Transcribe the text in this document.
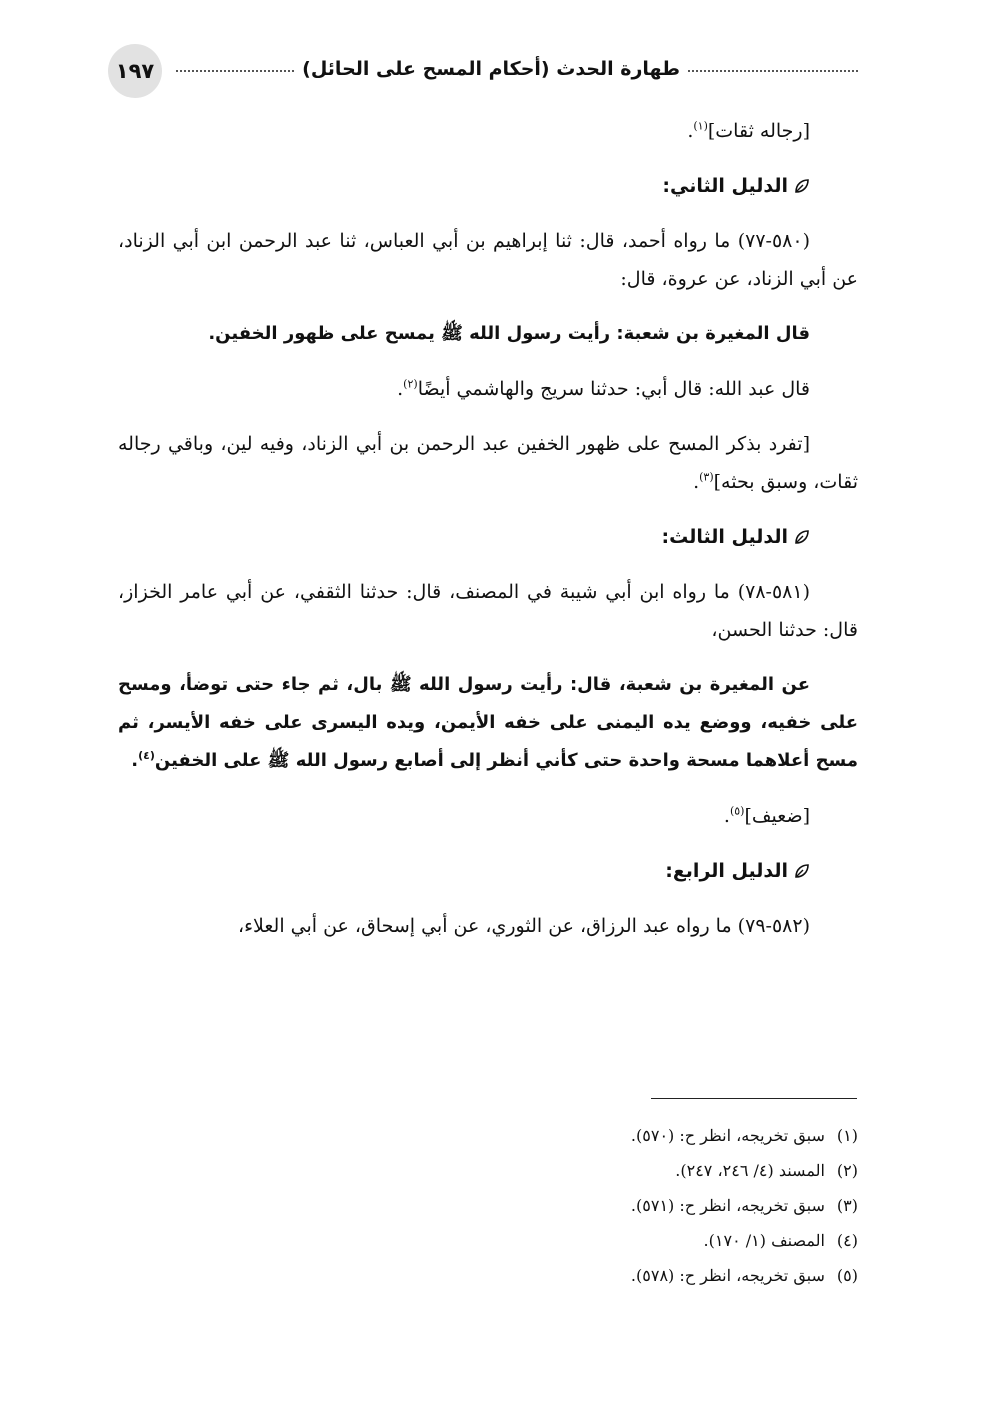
١٩٧	طهارة الحدث (أحكام المسح على الحائل)

[رجاله ثقات]$^{(١)}$.

الدليل الثاني:

(٥٨٠-٧٧) ما رواه أحمد، قال: ثنا إبراهيم بن أبي العباس، ثنا عبد الرحمن ابن أبي الزناد، عن أبي الزناد، عن عروة، قال:

قال المغيرة بن شعبة: رأيت رسول الله ﷺ يمسح على ظهور الخفين.

قال عبد الله: قال أبي: حدثنا سريج والهاشمي أيضًا$^{(٢)}$.

[تفرد بذكر المسح على ظهور الخفين عبد الرحمن بن أبي الزناد، وفيه لين، وباقي رجاله ثقات، وسبق بحثه]$^{(٣)}$.

الدليل الثالث:

(٥٨١-٧٨) ما رواه ابن أبي شيبة في المصنف، قال: حدثنا الثقفي، عن أبي عامر الخزاز، قال: حدثنا الحسن،

عن المغيرة بن شعبة، قال: رأيت رسول الله ﷺ بال، ثم جاء حتى توضأ، ومسح على خفيه، ووضع يده اليمنى على خفه الأيمن، ويده اليسرى على خفه الأيسر، ثم مسح أعلاهما مسحة واحدة حتى كأني أنظر إلى أصابع رسول الله ﷺ على الخفين$^{(٤)}$.

[ضعيف]$^{(٥)}$.

الدليل الرابع:

(٥٨٢-٧٩) ما رواه عبد الرزاق، عن الثوري، عن أبي إسحاق، عن أبي العلاء،

(١)سبق تخريجه، انظر ح: (٥٧٠).
(٢)المسند (٤/ ٢٤٦، ٢٤٧).
(٣)سبق تخريجه، انظر ح: (٥٧١).
(٤)المصنف (١/ ١٧٠).
(٥)سبق تخريجه، انظر ح: (٥٧٨).
